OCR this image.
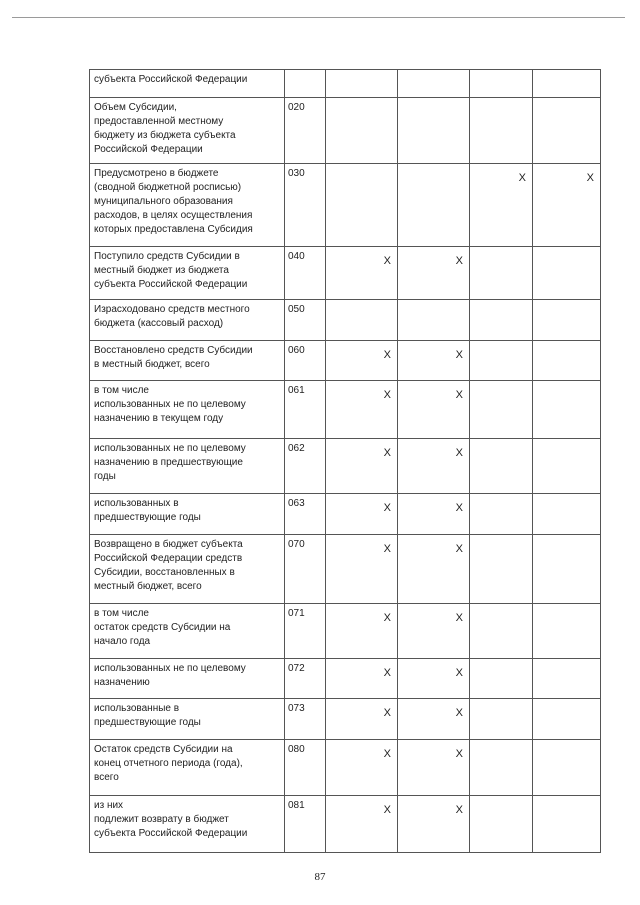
субъекта Российской Федерации					

Объем Субсидии,
предоставленной местному
бюджету из бюджета субъекта
Российской Федерации	020				

Предусмотрено в бюджете
(сводной бюджетной росписью)
муниципального образования
расходов, в целях осуществления
которых предоставлена Субсидия	030			X	X

Поступило средств Субсидии в
местный бюджет из бюджета
субъекта Российской Федерации	040	X	X		

Израсходовано средств местного
бюджета (кассовый расход)	050				

Восстановлено средств Субсидии
в местный бюджет, всего	060	X	X		

в том числе
использованных не по целевому
назначению в текущем году	061	X	X		

использованных не по целевому
назначению в предшествующие
годы	062	X	X		

использованных в
предшествующие годы	063	X	X		

Возвращено в бюджет субъекта
Российской Федерации средств
Субсидии, восстановленных в
местный бюджет, всего	070	X	X		

в том числе
остаток средств Субсидии на
начало года	071	X	X		

использованных не по целевому
назначению	072	X	X		

использованные в
предшествующие годы	073	X	X		

Остаток средств Субсидии на
конец отчетного периода (года),
всего	080	X	X		

из них
подлежит возврату в бюджет
субъекта Российской Федерации	081	X	X		
87
